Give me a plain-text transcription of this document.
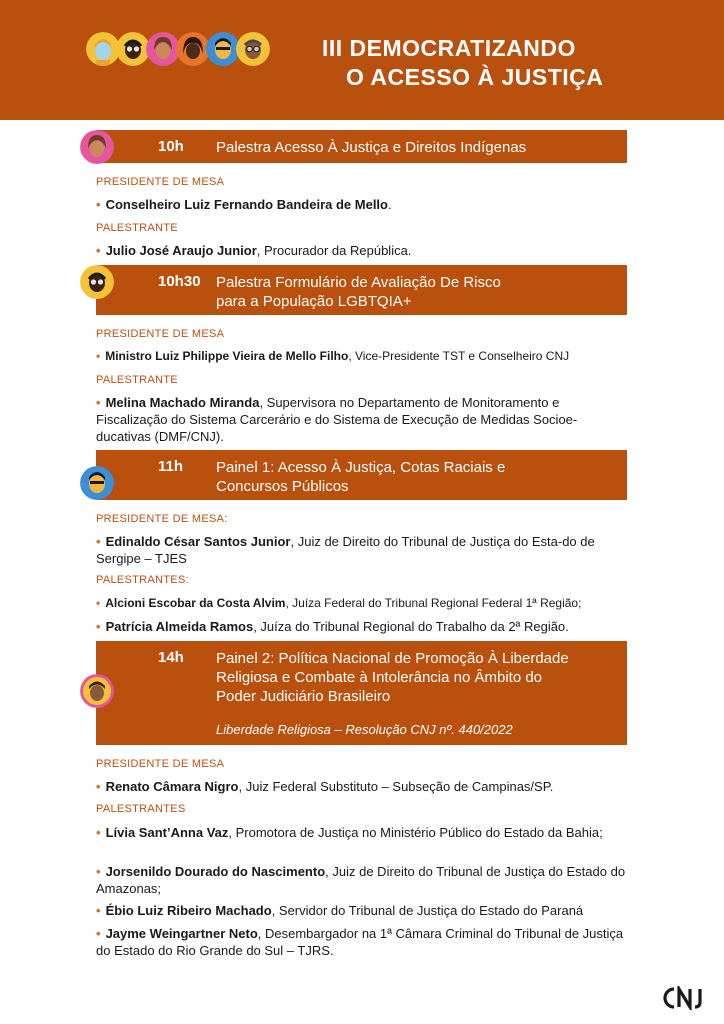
III DEMOCRATIZANDO
O ACESSO À JUSTIÇA
10h Palestra Acesso À Justiça e Direitos Indígenas
PRESIDENTE DE MESA
• Conselheiro Luiz Fernando Bandeira de Mello.
PALESTRANTE
• Julio José Araujo Junior, Procurador da República.
10h30 Palestra Formulário de Avaliação De Risco
para a População LGBTQIA+
PRESIDENTE DE MESA
• Ministro Luiz Philippe Vieira de Mello Filho, Vice-Presidente TST e Conselheiro CNJ
PALESTRANTE
• Melina Machado Miranda, Supervisora no Departamento de Monitoramento e Fiscalização do Sistema Carcerário e do Sistema de Execução de Medidas Socioe-ducativas (DMF/CNJ).
11h Painel 1: Acesso À Justiça, Cotas Raciais e
Concursos Públicos
PRESIDENTE DE MESA:
• Edinaldo César Santos Junior, Juiz de Direito do Tribunal de Justiça do Esta-do de Sergipe – TJES
PALESTRANTES:
• Alcioni Escobar da Costa Alvim, Juíza Federal do Tribunal Regional Federal 1ª Região;
• Patrícia Almeida Ramos, Juíza do Tribunal Regional do Trabalho da 2ª Região.
14h Painel 2: Política Nacional de Promoção À Liberdade
Religiosa e Combate à Intolerância no Âmbito do
Poder Judiciário Brasileiro
Liberdade Religiosa – Resolução CNJ nº. 440/2022
PRESIDENTE DE MESA
• Renato Câmara Nigro, Juiz Federal Substituto – Subseção de Campinas/SP.
PALESTRANTES
• Lívia Sant’Anna Vaz, Promotora de Justiça no Ministério Público do Estado da Bahia;
• Jorsenildo Dourado do Nascimento, Juiz de Direito do Tribunal de Justiça do Estado do Amazonas;
• Ébio Luiz Ribeiro Machado, Servidor do Tribunal de Justiça do Estado do Paraná
• Jayme Weingartner Neto, Desembargador na 1ª Câmara Criminal do Tribunal de Justiça do Estado do Rio Grande do Sul – TJRS.
